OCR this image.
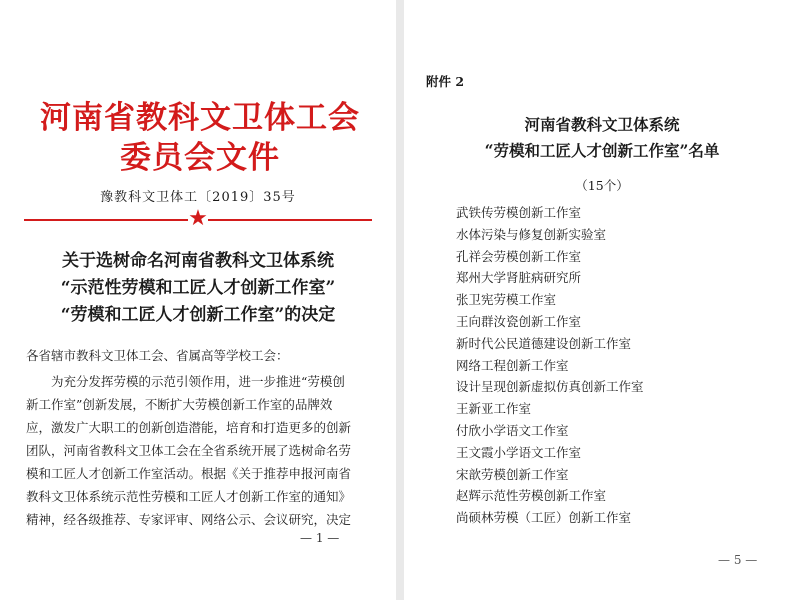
河南省教科文卫体工会委员会文件
豫教科文卫体工〔2019〕35号
★
关于选树命名河南省教科文卫体系统
“示范性劳模和工匠人才创新工作室”
“劳模和工匠人才创新工作室”的决定
各省辖市教科文卫体工会、省属高等学校工会：
　　为充分发挥劳模的示范引领作用，进一步推进“劳模创
新工作室”创新发展，不断扩大劳模创新工作室的品牌效
应，激发广大职工的创新创造潜能，培育和打造更多的创新
团队，河南省教科文卫体工会在全省系统开展了选树命名劳
模和工匠人才创新工作室活动。根据《关于推荐申报河南省
教科文卫体系统示范性劳模和工匠人才创新工作室的通知》
精神，经各级推荐、专家评审、网络公示、会议研究，决定
— 1 —
附件 2
河南省教科文卫体系统
“劳模和工匠人才创新工作室”名单
（15个）
武铁传劳模创新工作室
水体污染与修复创新实验室
孔祥会劳模创新工作室
郑州大学肾脏病研究所
张卫宪劳模工作室
王向群汝瓷创新工作室
新时代公民道德建设创新工作室
网络工程创新工作室
设计呈现创新虚拟仿真创新工作室
王新亚工作室
付欣小学语文工作室
王文霞小学语文工作室
宋歆劳模创新工作室
赵辉示范性劳模创新工作室
尚硕林劳模（工匠）创新工作室
— 5 —
